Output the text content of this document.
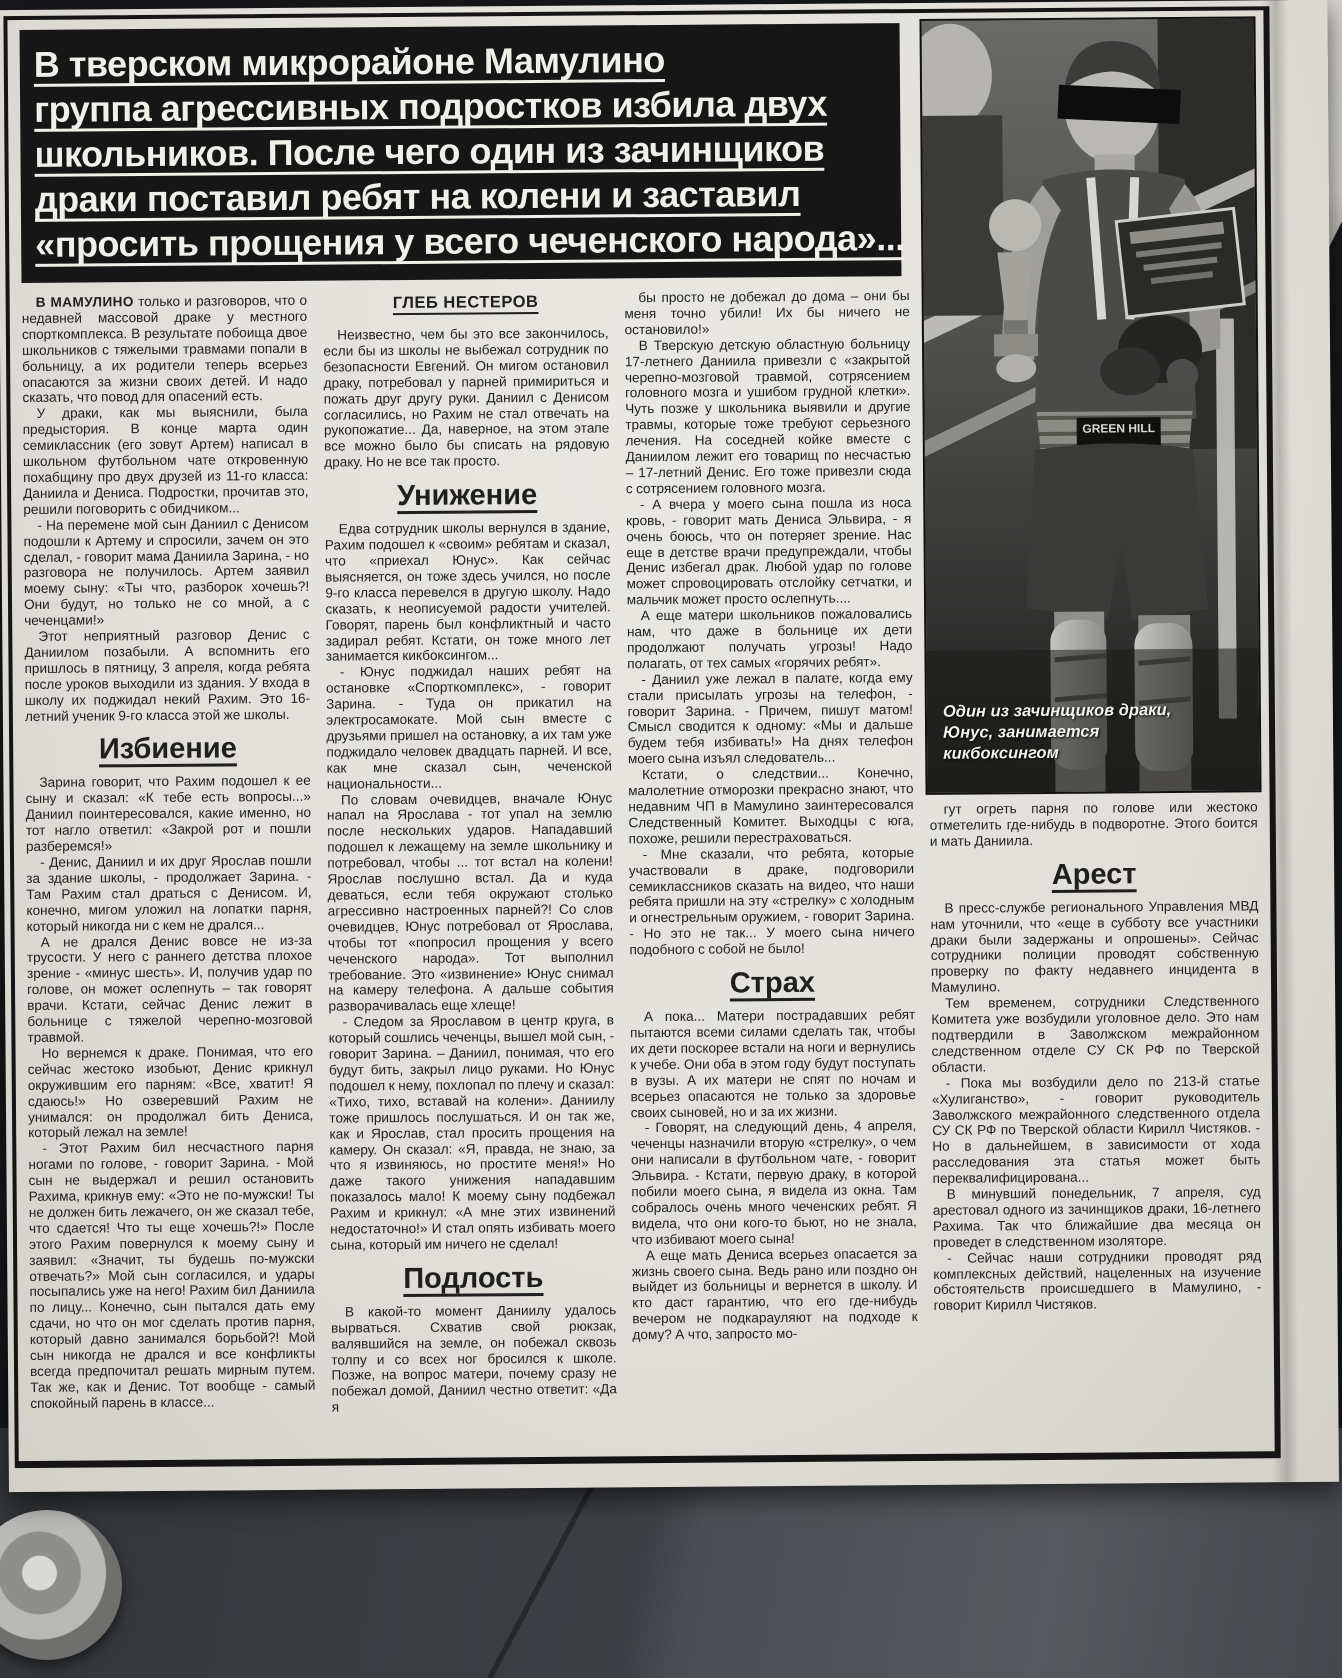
В тверском микрорайоне Мамулино
группа агрессивных подростков избила двух
школьников. После чего один из зачинщиков
драки поставил ребят на колени и заставил
«просить прощения у всего чеченского народа»...
GREEN HILL
Один из зачинщиков драки,
Юнус, занимается
кикбоксингом

В МАМУЛИНО только и разговоров, что о недавней массовой драке у местного спорткомплекса. В результате побоища двое школьников с тяжелыми травмами попали в больницу, а их родители теперь всерьез опасаются за жизни своих детей. И надо сказать, что повод для опасений есть.

У драки, как мы выяснили, была предыстория. В конце марта один семиклассник (его зовут Артем) написал в школьном футбольном чате откровенную похабщину про двух друзей из 11-го класса: Даниила и Дениса. Подростки, прочитав это, решили поговорить с обидчиком...

- На перемене мой сын Даниил с Денисом подошли к Артему и спросили, зачем он это сделал, - говорит мама Даниила Зарина, - но разговора не получилось. Артем заявил моему сыну: «Ты что, разборок хочешь?! Они будут, но только не со мной, а с чеченцами!»

Этот неприятный разговор Денис с Даниилом позабыли. А вспомнить его пришлось в пятницу, 3 апреля, когда ребята после уроков выходили из здания. У входа в школу их поджидал некий Рахим. Это 16-летний ученик 9-го класса этой же школы.

Избиение

Зарина говорит, что Рахим подошел к ее сыну и сказал: «К тебе есть вопросы...» Даниил поинтересовался, какие именно, но тот нагло ответил: «Закрой рот и пошли разберемся!»

- Денис, Даниил и их друг Ярослав пошли за здание школы, - продолжает Зарина. - Там Рахим стал драться с Денисом. И, конечно, мигом уложил на лопатки парня, который никогда ни с кем не дрался...

А не дрался Денис вовсе не из-за трусости. У него с раннего детства плохое зрение - «минус шесть». И, получив удар по голове, он может ослепнуть – так говорят врачи. Кстати, сейчас Денис лежит в больнице с тяжелой черепно-мозговой травмой.

Но вернемся к драке. Понимая, что его сейчас жестоко изобьют, Денис крикнул окружившим его парням: «Все, хватит! Я сдаюсь!» Но озверевший Рахим не унимался: он продолжал бить Дениса, который лежал на земле!

- Этот Рахим бил несчастного парня ногами по голове, - говорит Зарина. - Мой сын не выдержал и решил остановить Рахима, крикнув ему: «Это не по-мужски! Ты не должен бить лежачего, он же сказал тебе, что сдается! Что ты еще хочешь?!» После этого Рахим повернулся к моему сыну и заявил: «Значит, ты будешь по-мужски отвечать?» Мой сын согласился, и удары посыпались уже на него! Рахим бил Даниила по лицу... Конечно, сын пытался дать ему сдачи, но что он мог сделать против парня, который давно занимался борьбой?! Мой сын никогда не дрался и все конфликты всегда предпочитал решать мирным путем. Так же, как и Денис. Тот вообще - самый спокойный парень в классе...

ГЛЕБ НЕСТЕРОВ

Неизвестно, чем бы это все закончилось, если бы из школы не выбежал сотрудник по безопасности Евгений. Он мигом остановил драку, потребовал у парней примириться и пожать друг другу руки. Даниил с Денисом согласились, но Рахим не стал отвечать на рукопожатие... Да, наверное, на этом этапе все можно было бы списать на рядовую драку. Но не все так просто.

Унижение

Едва сотрудник школы вернулся в здание, Рахим подошел к «своим» ребятам и сказал, что «приехал Юнус». Как сейчас выясняется, он тоже здесь учился, но после 9-го класса перевелся в другую школу. Надо сказать, к неописуемой радости учителей. Говорят, парень был конфликтный и часто задирал ребят. Кстати, он тоже много лет занимается кикбоксингом...

- Юнус поджидал наших ребят на остановке «Спорткомплекс», - говорит Зарина. - Туда он прикатил на электросамокате. Мой сын вместе с друзьями пришел на остановку, а их там уже поджидало человек двадцать парней. И все, как мне сказал сын, чеченской национальности...

По словам очевидцев, вначале Юнус напал на Ярослава - тот упал на землю после нескольких ударов. Нападавший подошел к лежащему на земле школьнику и потребовал, чтобы ... тот встал на колени! Ярослав послушно встал. Да и куда деваться, если тебя окружают столько агрессивно настроенных парней?! Со слов очевидцев, Юнус потребовал от Ярослава, чтобы тот «попросил прощения у всего чеченского народа». Тот выполнил требование. Это «извинение» Юнус снимал на камеру телефона. А дальше события разворачивалась еще хлеще!

- Следом за Ярославом в центр круга, в который сошлись чеченцы, вышел мой сын, - говорит Зарина. – Даниил, понимая, что его будут бить, закрыл лицо руками. Но Юнус подошел к нему, похлопал по плечу и сказал: «Тихо, тихо, вставай на колени». Даниилу тоже пришлось послушаться. И он так же, как и Ярослав, стал просить прощения на камеру. Он сказал: «Я, правда, не знаю, за что я извиняюсь, но простите меня!» Но даже такого унижения нападавшим показалось мало! К моему сыну подбежал Рахим и крикнул: «А мне этих извинений недостаточно!» И стал опять избивать моего сына, который им ничего не сделал!

Подлость

В какой-то момент Даниилу удалось вырваться. Схватив свой рюкзак, валявшийся на земле, он побежал сквозь толпу и со всех ног бросился к школе. Позже, на вопрос матери, почему сразу не побежал домой, Даниил честно ответит: «Да я

бы просто не добежал до дома – они бы меня точно убили! Их бы ничего не остановило!»

В Тверскую детскую областную больницу 17-летнего Даниила привезли с «закрытой черепно-мозговой травмой, сотрясением головного мозга и ушибом грудной клетки». Чуть позже у школьника выявили и другие травмы, которые тоже требуют серьезного лечения. На соседней койке вместе с Даниилом лежит его товарищ по несчастью – 17-летний Денис. Его тоже привезли сюда с сотрясением головного мозга.

- А вчера у моего сына пошла из носа кровь, - говорит мать Дениса Эльвира, - я очень боюсь, что он потеряет зрение. Нас еще в детстве врачи предупреждали, чтобы Денис избегал драк. Любой удар по голове может спровоцировать отслойку сетчатки, и мальчик может просто ослепнуть....

А еще матери школьников пожаловались нам, что даже в больнице их дети продолжают получать угрозы! Надо полагать, от тех самых «горячих ребят».

- Даниил уже лежал в палате, когда ему стали присылать угрозы на телефон, - говорит Зарина. - Причем, пишут матом! Смысл сводится к одному: «Мы и дальше будем тебя избивать!» На днях телефон моего сына изъял следователь...

Кстати, о следствии... Конечно, малолетние отморозки прекрасно знают, что недавним ЧП в Мамулино заинтересовался Следственный Комитет. Выходцы с юга, похоже, решили перестраховаться.

- Мне сказали, что ребята, которые участвовали в драке, подговорили семиклассников сказать на видео, что наши ребята пришли на эту «стрелку» с холодным и огнестрельным оружием, - говорит Зарина. - Но это не так... У моего сына ничего подобного с собой не было!

Страх

А пока... Матери пострадавших ребят пытаются всеми силами сделать так, чтобы их дети поскорее встали на ноги и вернулись к учебе. Они оба в этом году будут поступать в вузы. А их матери не спят по ночам и всерьез опасаются не только за здоровье своих сыновей, но и за их жизни.

- Говорят, на следующий день, 4 апреля, чеченцы назначили вторую «стрелку», о чем они написали в футбольном чате, - говорит Эльвира. - Кстати, первую драку, в которой побили моего сына, я видела из окна. Там собралось очень много чеченских ребят. Я видела, что они кого-то бьют, но не знала, что избивают моего сына!

А еще мать Дениса всерьез опасается за жизнь своего сына. Ведь рано или поздно он выйдет из больницы и вернется в школу. И кто даст гарантию, что его где-нибудь вечером не подкарауляют на подходе к дому? А что, запросто мо-

гут огреть парня по голове или жестоко отметелить где-нибудь в подворотне. Этого боится и мать Даниила.

Арест

В пресс-службе регионального Управления МВД нам уточнили, что «еще в субботу все участники драки были задержаны и опрошены». Сейчас сотрудники полиции проводят собственную проверку по факту недавнего инцидента в Мамулино.

Тем временем, сотрудники Следственного Комитета уже возбудили уголовное дело. Это нам подтвердили в Заволжском межрайонном следственном отделе СУ СК РФ по Тверской области.

- Пока мы возбудили дело по 213-й статье «Хулиганство», - говорит руководитель Заволжского межрайонного следственного отдела СУ СК РФ по Тверской области Кирилл Чистяков. - Но в дальнейшем, в зависимости от хода расследования эта статья может быть переквалифицирована...

В минувший понедельник, 7 апреля, суд арестовал одного из зачинщиков драки, 16-летнего Рахима. Так что ближайшие два месяца он проведет в следственном изоляторе.

- Сейчас наши сотрудники проводят ряд комплексных действий, нацеленных на изучение обстоятельств происшедшего в Мамулино, - говорит Кирилл Чистяков.
